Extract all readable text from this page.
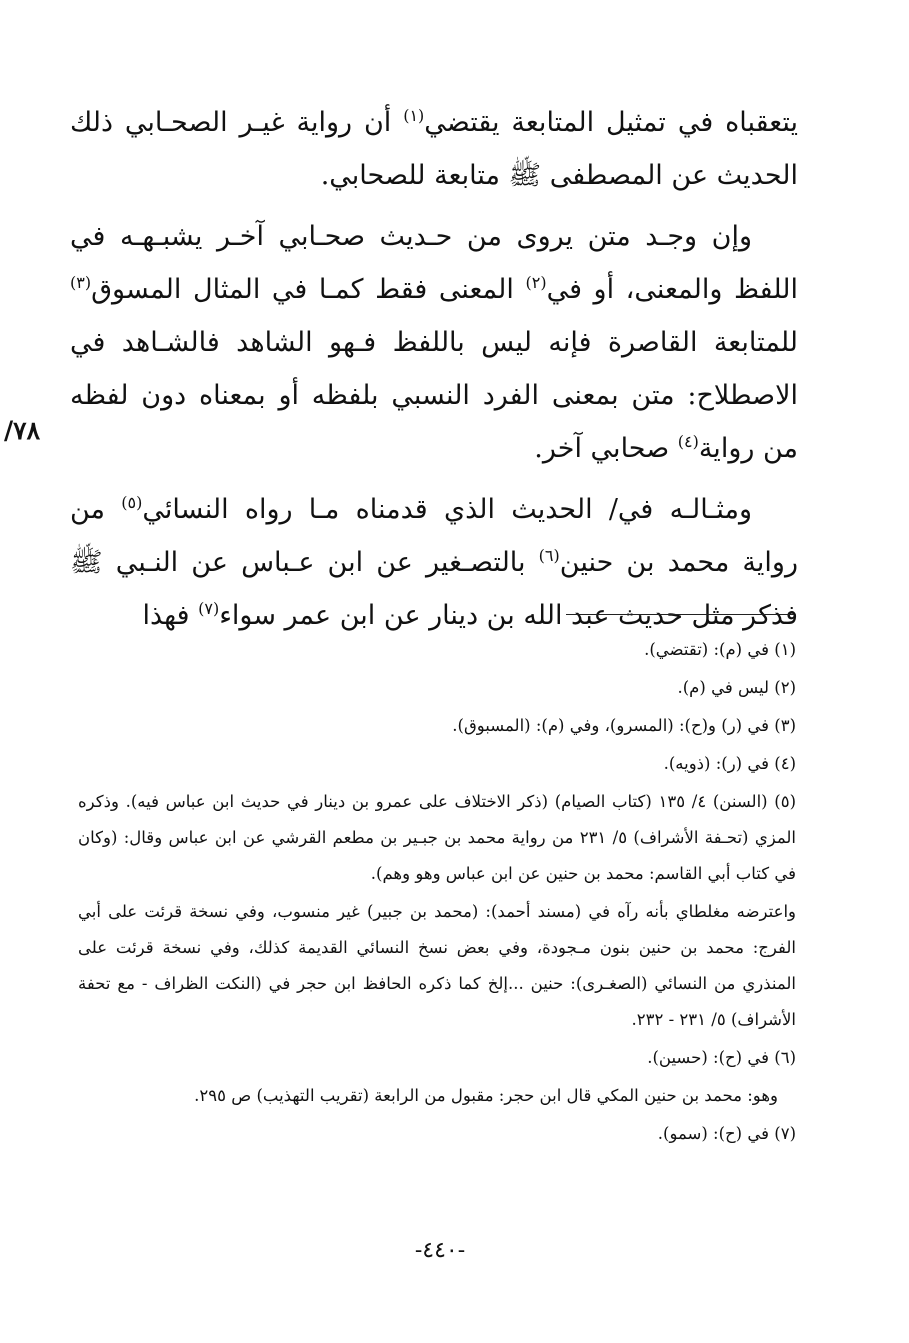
٧٨/

يتعقباه في تمثيل المتابعة يقتضي$^{(١)}$ أن رواية غيـر الصحـابي ذلك الحديث عن المصطفى ﷺ متابعة للصحابي.

وإن وجـد متن يروى من حـديث صحـابي آخـر يشبـهـه في اللفظ والمعنى، أو في$^{(٢)}$ المعنى فقط كمـا في المثال المسوق$^{(٣)}$ للمتابعة القاصرة فإنه ليس باللفظ فـهو الشاهد فالشـاهد في الاصطلاح: متن بمعنى الفرد النسبي بلفظه أو بمعناه دون لفظه من رواية$^{(٤)}$ صحابي آخر.

ومثـالـه في/ الحديث الذي قدمناه مـا رواه النسائي$^{(٥)}$ من رواية محمد بن حنين$^{(٦)}$ بالتصـغير عن ابن عـباس عن النـبي ﷺ فذكر مثل حديث عبد الله بن دينار عن ابن عمر سواء$^{(٧)}$ فهذا

(١) في (م): (تقتضي).

(٢) ليس في (م).

(٣) في (ر) و(ح): (المسرو)، وفي (م): (المسبوق).

(٤) في (ر): (ذويه).

(٥) (السنن) ٤/ ١٣٥ (كتاب الصيام) (ذكر الاختلاف على عمرو بن دينار في حديث ابن عباس فيه). وذكره المزي (تحـفة الأشراف) ٥/ ٢٣١ من رواية محمد بن جبـير بن مطعم القرشي عن ابن عباس وقال: (وكان في كتاب أبي القاسم: محمد بن حنين عن ابن عباس وهو وهم).

واعترضه مغلطاي بأنه رآه في (مسند أحمد): (محمد بن جبير) غير منسوب، وفي نسخة قرئت على أبي الفرج: محمد بن حنين بنون مـجودة، وفي بعض نسخ النسائي القديمة كذلك، وفي نسخة قرئت على المنذري من النسائي (الصغـرى): حنين ...إلخ كما ذكره الحافظ ابن حجر في (النكت الظراف - مع تحفة الأشراف) ٥/ ٢٣١ - ٢٣٢.

(٦) في (ح): (حسين).

وهو: محمد بن حنين المكي قال ابن حجر: مقبول من الرابعة (تقريب التهذيب) ص ٢٩٥.

(٧) في (ح): (سمو).

-٤٤٠-
